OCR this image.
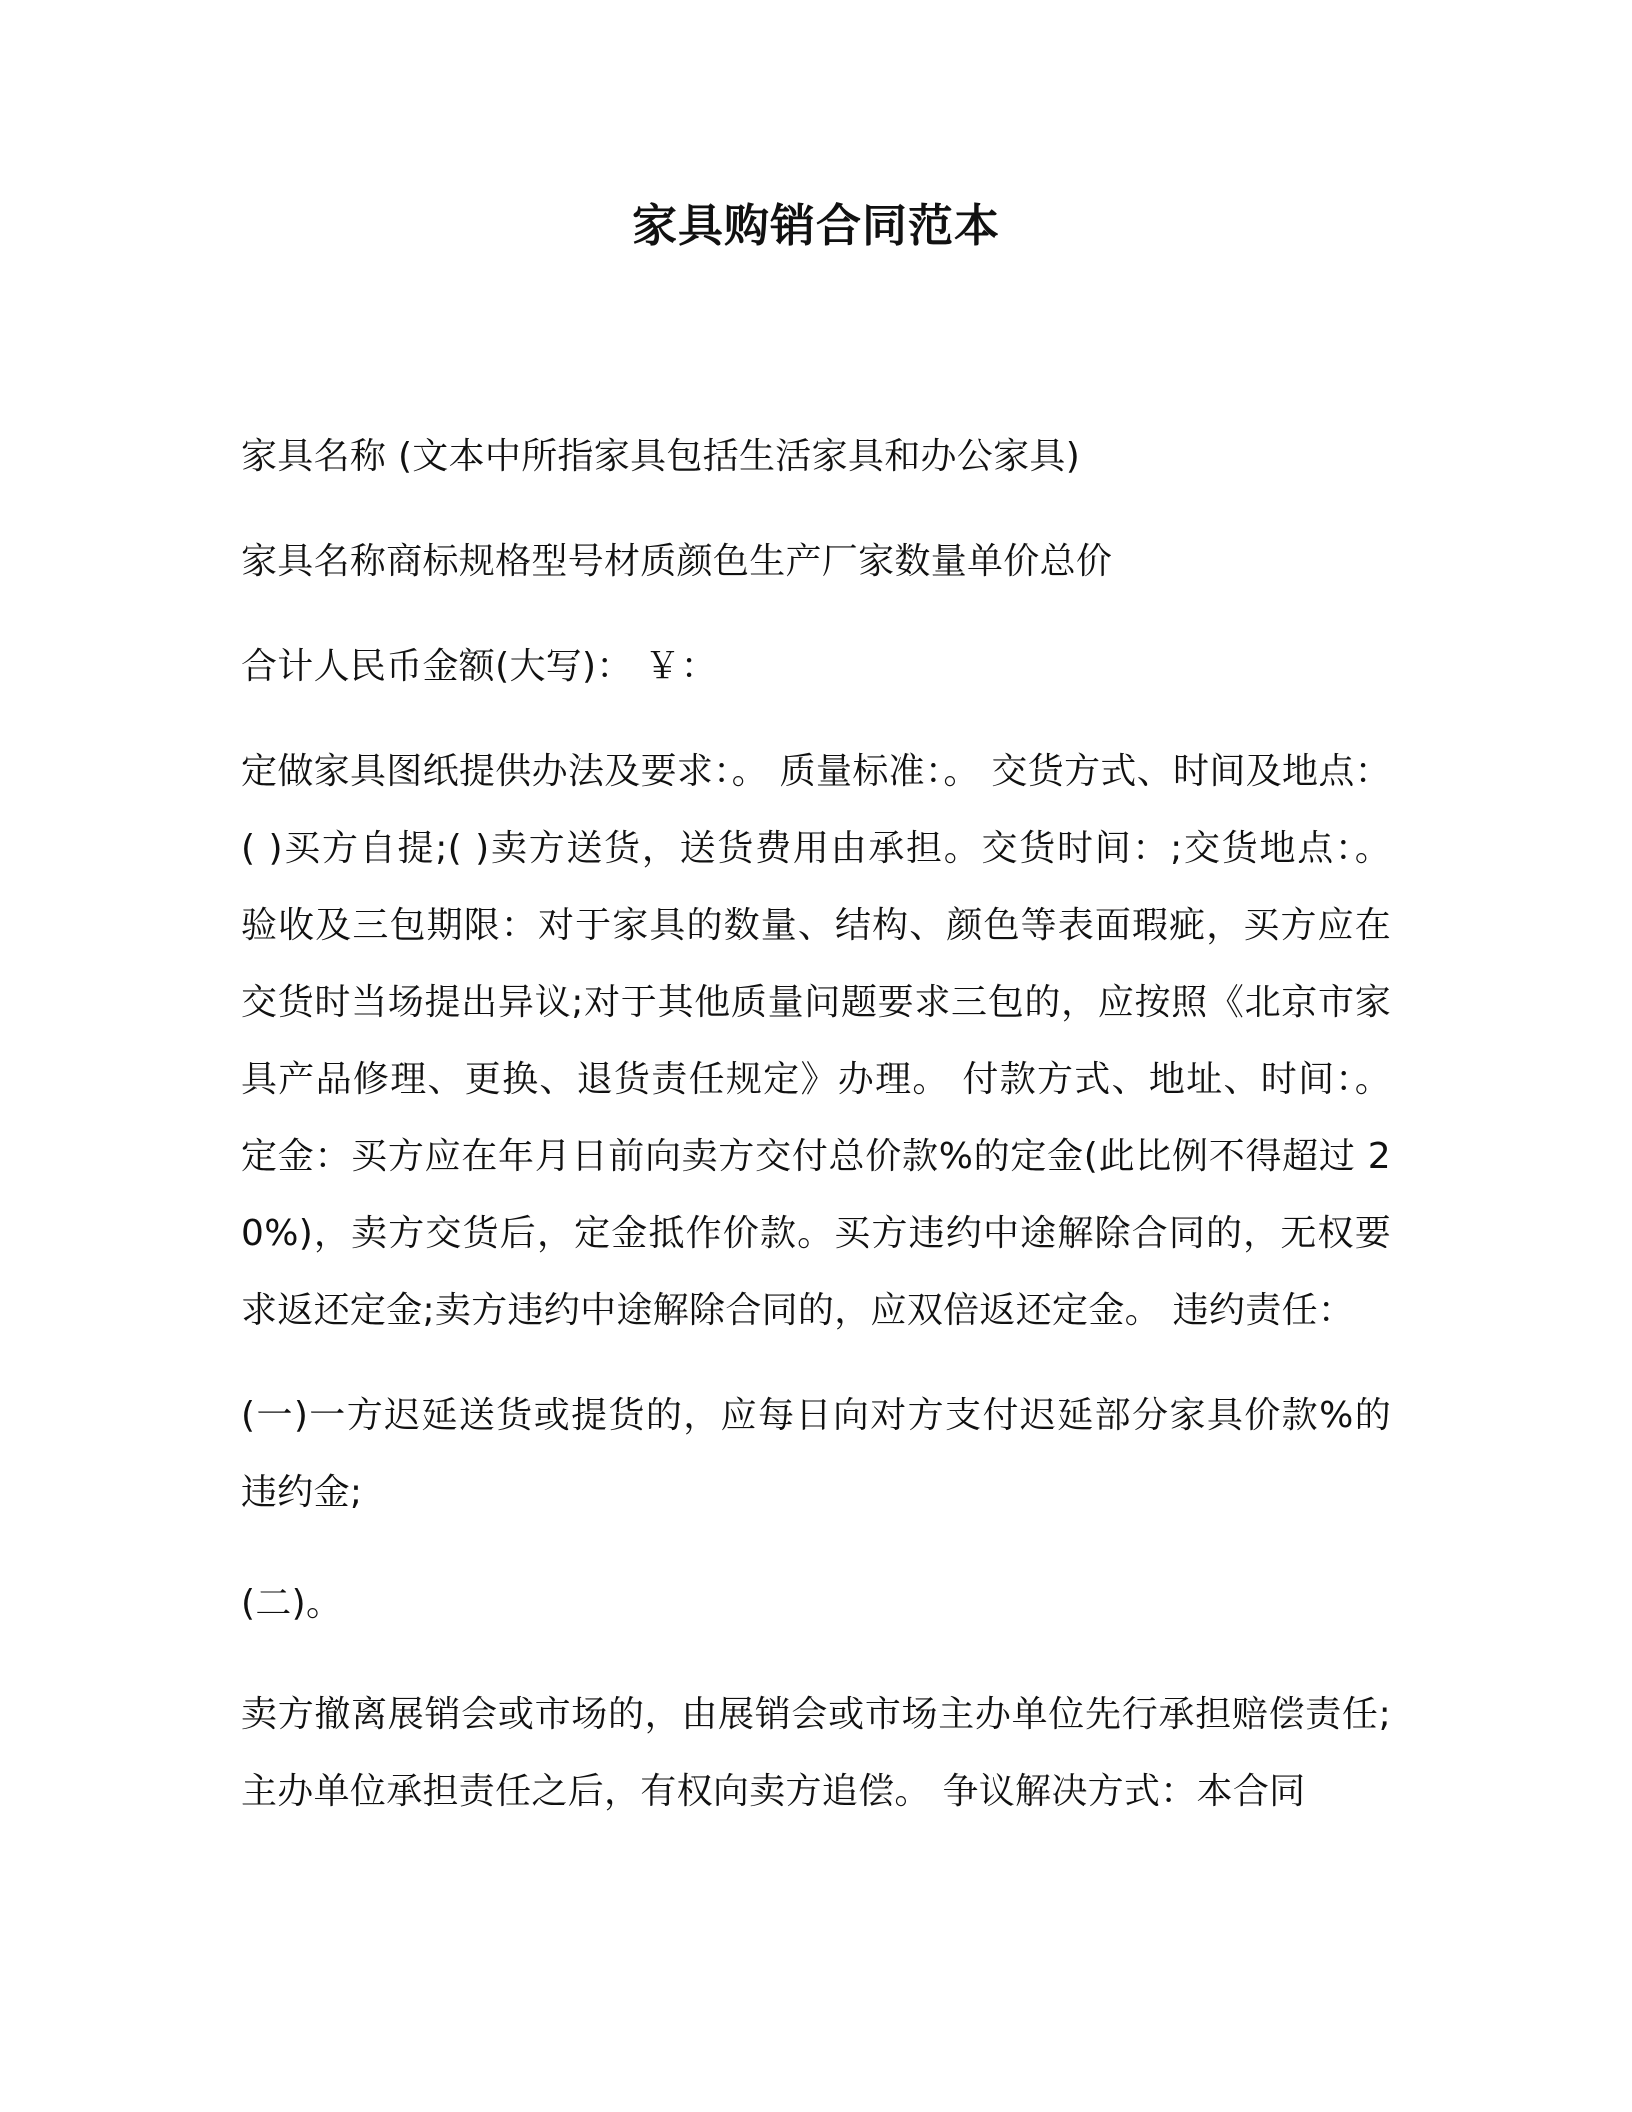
家具购销合同范本

家具名称 (文本中所指家具包括生活家具和办公家具)

家具名称商标规格型号材质颜色生产厂家数量单价总价

合计人民币金额(大写)： ￥：

定做家具图纸提供办法及要求：。 质量标准：。 交货方式、时间及地点：( )买方自提;( )卖方送货，送货费用由承担。交货时间：;交货地点：。 验收及三包期限：对于家具的数量、结构、颜色等表面瑕疵，买方应在交货时当场提出异议;对于其他质量问题要求三包的，应按照《北京市家具产品修理、更换、退货责任规定》办理。 付款方式、地址、时间：。 定金：买方应在年月日前向卖方交付总价款%的定金(此比例不得超过 20%)，卖方交货后，定金抵作价款。买方违约中途解除合同的，无权要求返还定金;卖方违约中途解除合同的，应双倍返还定金。 违约责任：

(一)一方迟延送货或提货的，应每日向对方支付迟延部分家具价款%的违约金;

(二)。

卖方撤离展销会或市场的，由展销会或市场主办单位先行承担赔偿责任;主办单位承担责任之后，有权向卖方追偿。 争议解决方式：本合同
